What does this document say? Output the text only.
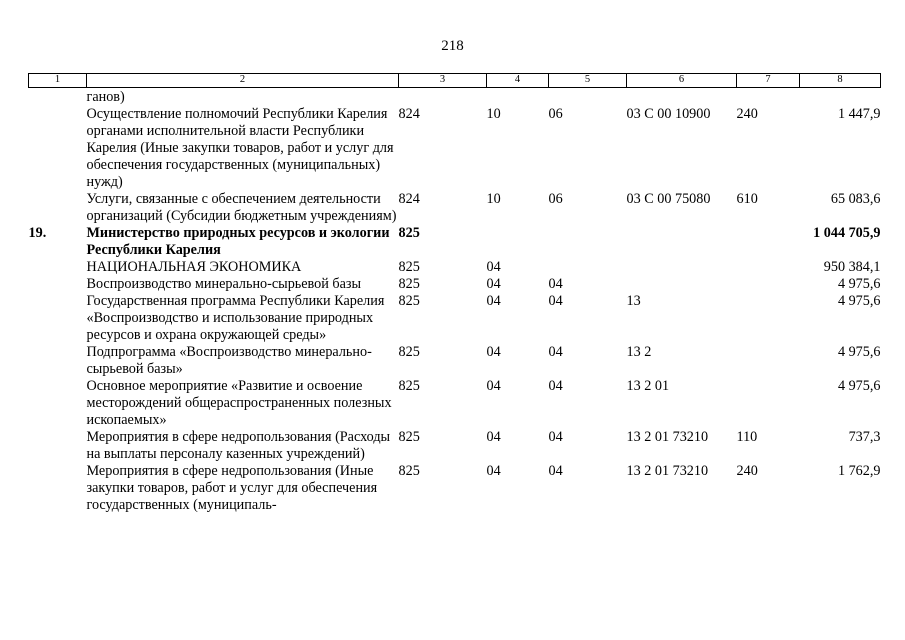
218
1	2	3	4	5	6	7	8
	ганов)						
	Осуществление полномочий Республики Карелия органами исполнительной власти Республики Карелия (Иные закупки товаров, работ и услуг для обеспечения государственных (муниципальных) нужд)	824	10	06	03 С 00 10900	240	1 447,9
	Услуги, связанные с обеспечением деятельности организаций (Субсидии бюджетным учреждениям)	824	10	06	03 С 00 75080	610	65 083,6
19.	Министерство природных ресурсов и экологии Республики Карелия	825					1 044 705,9
	НАЦИОНАЛЬНАЯ ЭКОНОМИКА	825	04				950 384,1
	Воспроизводство минерально-сырьевой базы	825	04	04			4 975,6
	Государственная программа Республики Карелия «Воспроизводство и использование природных ресурсов и охрана окружающей среды»	825	04	04	13		4 975,6
	Подпрограмма «Воспроизводство минерально-сырьевой базы»	825	04	04	13 2		4 975,6
	Основное мероприятие «Развитие и освоение месторождений общераспространенных полезных ископаемых»	825	04	04	13 2 01		4 975,6
	Мероприятия в сфере недропользования (Расходы на выплаты персоналу казенных учреждений)	825	04	04	13 2 01 73210	110	737,3
	Мероприятия в сфере недропользования (Иные закупки товаров, работ и услуг для обеспечения государственных (муниципаль-	825	04	04	13 2 01 73210	240	1 762,9
